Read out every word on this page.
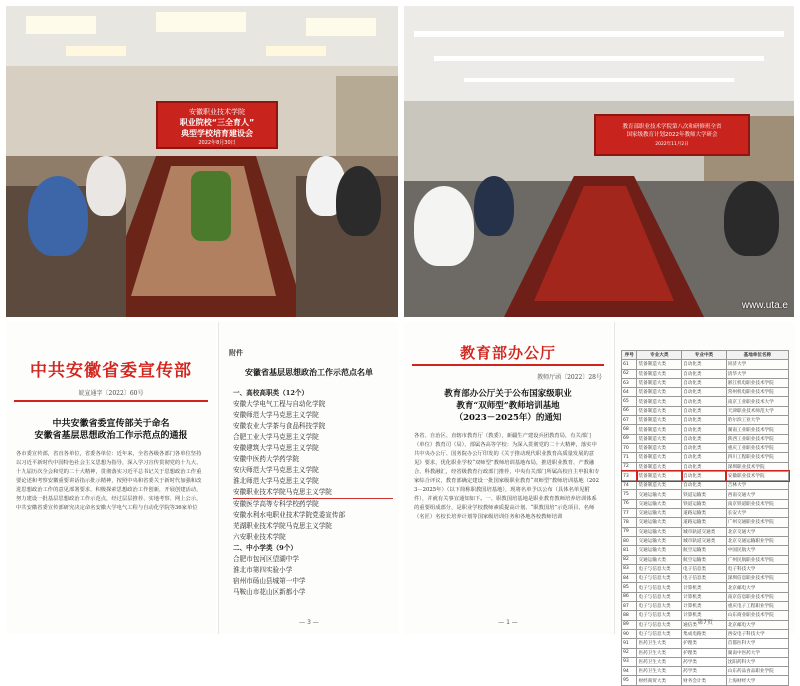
安徽职业技术学院
职业院校“三全育人”
典型学校培育建设会
2022年8月30日
教育部职业技术学院第八次和研修班全省
国家级教育计划2022年教师大学研会
2022年11月2日
www.uta.e
中共安徽省委宣传部
皖宣通字〔2022〕60号
中共安徽省委宣传部关于命名
安徽省基层思想政治工作示范点的通报
各市委宣传部，省直各单位，省委各单位：近年来，全省各级各部门各单位坚持以习近平新时代中国特色社会主义思想为指导，深入学习宣传贯彻党的十九大、十九届历次全会和党的二十大精神，贯彻落实习近平总书记关于思想政治工作重要论述和考察安徽重要讲话指示批示精神，按照中央和省委关于新时代加强和改进思想政治工作的意见部署要求，积极探索思想政治工作创新，开展创建活动，努力建设一批基层思想政治工作示范点，经过层层推荐、实地考察、网上公示，中共安徽省委宣传部研究决定命名安徽大学电气工程与自动化学院等36家单位
附件
安徽省基层思想政治工作示范点名单
一、高校高职类（12个）
安徽大学电气工程与自动化学院
安徽师范大学马克思主义学院
安徽农业大学茶与食品科技学院
合肥工业大学马克思主义学院
安徽建筑大学马克思主义学院
安徽中医药大学药学院
安庆师范大学马克思主义学院
淮北师范大学马克思主义学院
安徽职业技术学院马克思主义学院
安徽医学高等专科学校药学院
安徽水利水电职业技术学院党委宣传部
芜湖职业技术学院马克思主义学院
六安职业技术学院
二、中小学类（9个）
合肥市包河区望湖中学
淮北市第四实验小学
宿州市砀山县城第一中学
马鞍山市花山区新都小学
— 3 —
教育部办公厅
教师厅函〔2022〕28号
教育部办公厅关于公布国家级职业
教育“双师型”教师培训基地
（2023－2025年）的通知
各省、自治区、直辖市教育厅（教委），新疆生产建设兵团教育局，有关部门（单位）教育司（局），部属各高等学校：为深入贯彻党的二十大精神，落实中共中央办公厅、国务院办公厅印发的《关于推动现代职业教育高质量发展的意见》要求，优化职业学校“双师型”教师培训基地布局，推进职业教育、产教融合、科教融汇，经省级教育行政部门推荐，中央有关部门所属高校自主申报和专家综合评议，教育部确定建设一批国家级职业教育“双师型”教师培训基地（2023－2025年）（以下简称职教国培基地），现将名单予以公布（具体名单见附件），并就有关事宜通知如下。一、职教国培基地是职业教育教师培养培训体系的重要组成部分，是职业学校教师素质提高计划、“职教国培”示范项目、名师（名匠）名校长培养计划等国家级培训任务和各地各校教师培训
— 1 —
序号	专业大类	专业中类	基地单位名称
61	装备制造大类	自动化类	同济大学
62	装备制造大类	自动化类	清华大学
63	装备制造大类	自动化类	浙江机电职业技术学院
64	装备制造大类	自动化类	常州机电职业技术学院
65	装备制造大类	自动化类	南京工业职业技术大学
66	装备制造大类	自动化类	天津职业技术师范大学
67	装备制造大类	自动化类	哈尔滨工业大学
68	装备制造大类	自动化类	湖南工业职业技术学院
69	装备制造大类	自动化类	陕西工业职业技术学院
70	装备制造大类	自动化类	重庆工业职业技术学院
71	装备制造大类	自动化类	四川工程职业技术学院
72	装备制造大类	自动化类	深圳职业技术学院
73	装备制造大类	自动化类	安徽职业技术学院
74	装备制造大类	自动化类	吉林大学
75	交通运输大类	铁道运输类	西南交通大学
76	交通运输大类	铁道运输类	南京铁道职业技术学院
77	交通运输大类	道路运输类	长安大学
78	交通运输大类	道路运输类	广州交通职业技术学院
79	交通运输大类	城市轨道交通类	北京交通大学
80	交通运输大类	城市轨道交通类	北京交通运输职业学院
81	交通运输大类	航空运输类	中国民航大学
82	交通运输大类	航空运输类	广州民航职业技术学院
83	电子与信息大类	电子信息类	电子科技大学
84	电子与信息大类	电子信息类	深圳信息职业技术学院
85	电子与信息大类	计算机类	北京邮电大学
86	电子与信息大类	计算机类	南京信息职业技术学院
87	电子与信息大类	计算机类	重庆电子工程职业学院
88	电子与信息大类	计算机类	山东商业职业技术学院
89	电子与信息大类	通信类	北京邮电大学
90	电子与信息大类	集成电路类	西安电子科技大学
91	医药卫生大类	护理类	首都医科大学
92	医药卫生大类	护理类	湖南中医药大学
93	医药卫生大类	药学类	沈阳药科大学
94	医药卫生大类	药学类	山东药品食品职业学院
95	财经商贸大类	财务会计类	上海财经大学
第7页
